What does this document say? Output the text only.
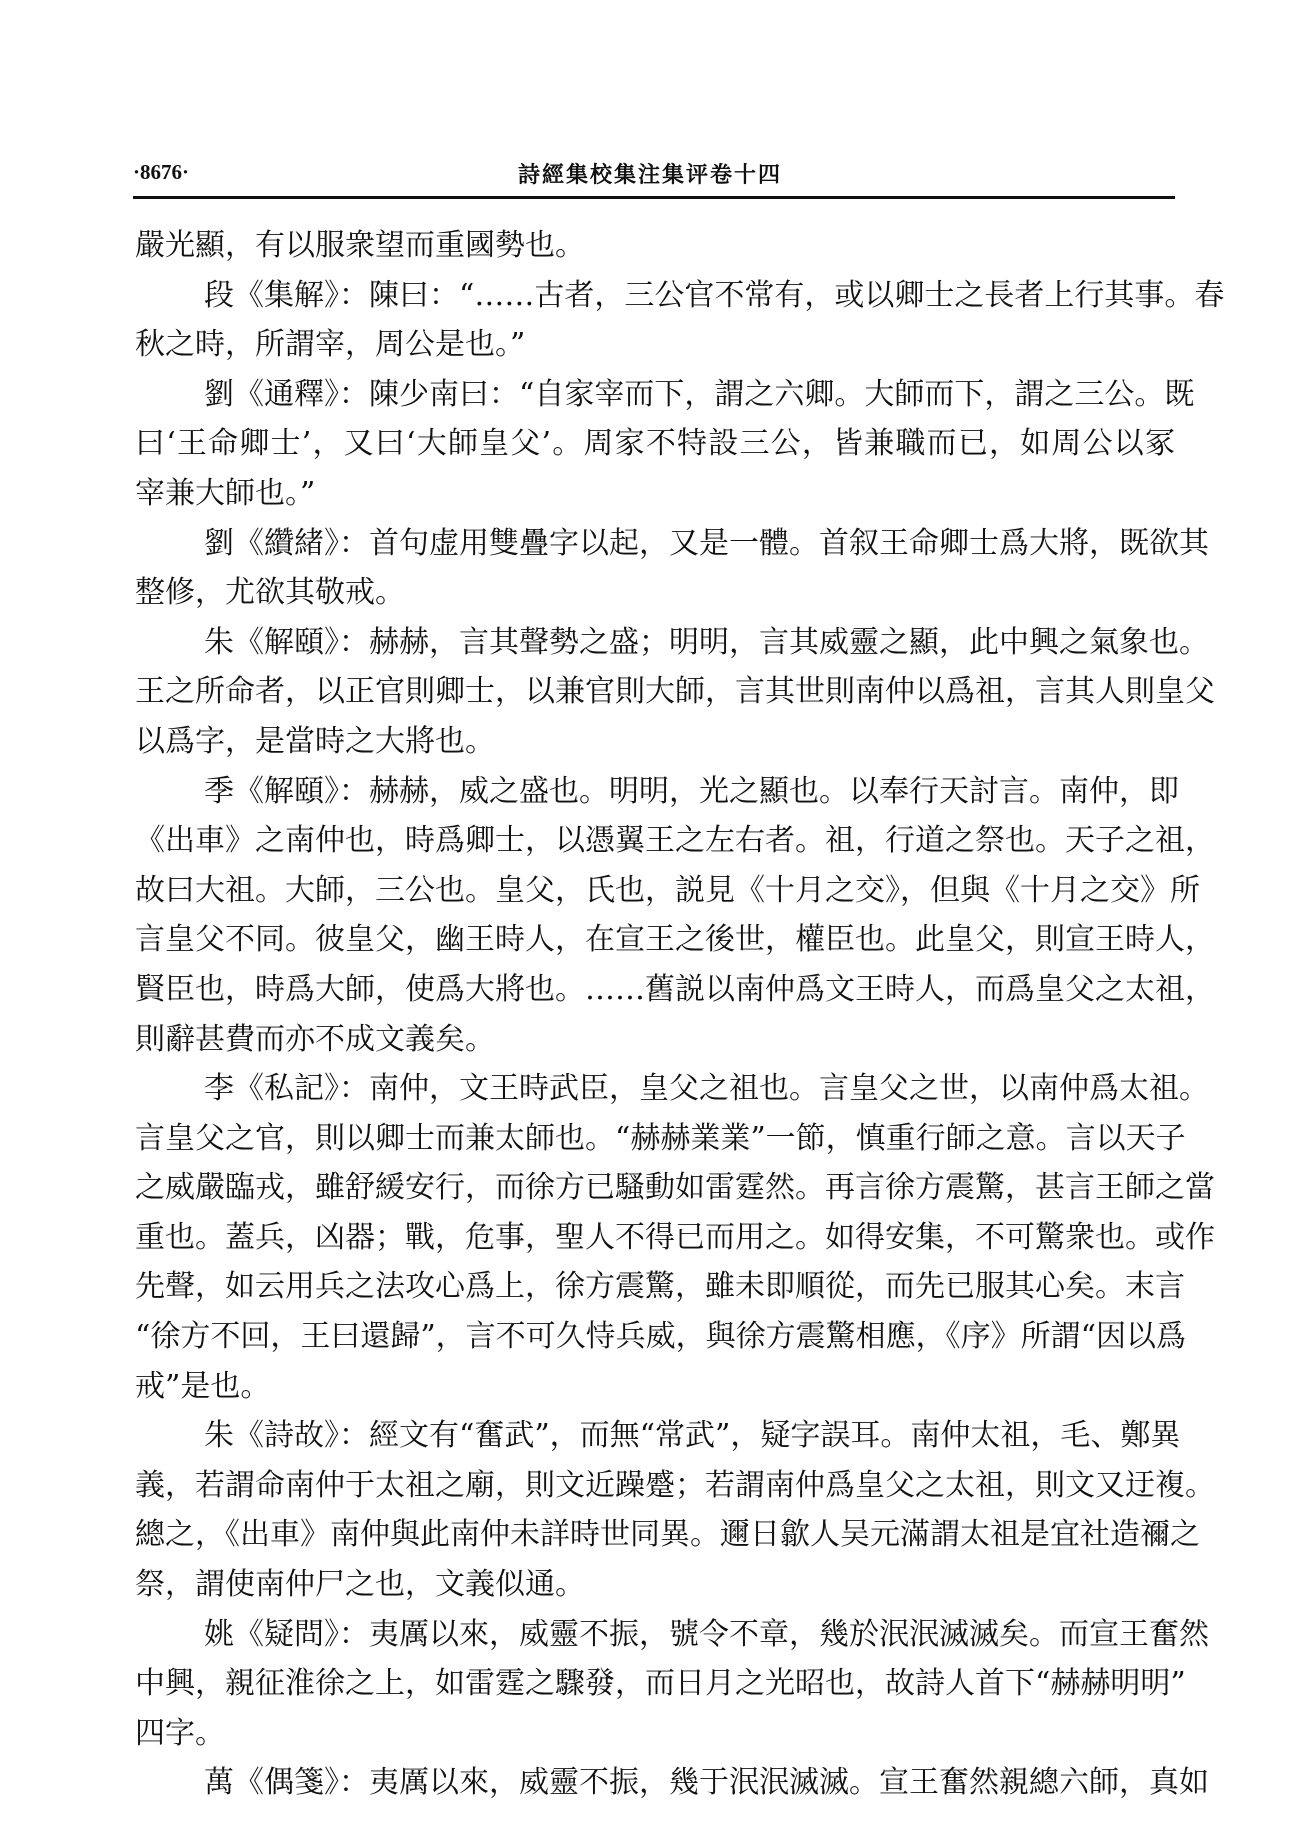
·8676·	詩經集校集注集评卷十四
嚴光顯，有以服衆望而重國勢也。
段《集解》：陳曰：“……古者，三公官不常有，或以卿士之長者上行其事。春
秋之時，所謂宰，周公是也。”
劉《通釋》：陳少南曰：“自家宰而下，謂之六卿。大師而下，謂之三公。既
曰‘王命卿士’，又曰‘大師皇父’。周家不特設三公，皆兼職而已，如周公以冢
宰兼大師也。”
劉《纘緒》：首句虚用雙疊字以起，又是一體。首叙王命卿士爲大將，既欲其
整修，尤欲其敬戒。
朱《解頤》：赫赫，言其聲勢之盛；明明，言其威靈之顯，此中興之氣象也。
王之所命者，以正官則卿士，以兼官則大師，言其世則南仲以爲祖，言其人則皇父
以爲字，是當時之大將也。
季《解頤》：赫赫，威之盛也。明明，光之顯也。以奉行天討言。南仲，即
《出車》之南仲也，時爲卿士，以憑翼王之左右者。祖，行道之祭也。天子之祖，
故曰大祖。大師，三公也。皇父，氏也，説見《十月之交》，但與《十月之交》所
言皇父不同。彼皇父，幽王時人，在宣王之後世，權臣也。此皇父，則宣王時人，
賢臣也，時爲大師，使爲大將也。……舊説以南仲爲文王時人，而爲皇父之太祖，
則辭甚費而亦不成文義矣。
李《私記》：南仲，文王時武臣，皇父之祖也。言皇父之世，以南仲爲太祖。
言皇父之官，則以卿士而兼太師也。“赫赫業業”一節，慎重行師之意。言以天子
之威嚴臨戎，雖舒緩安行，而徐方已騷動如雷霆然。再言徐方震驚，甚言王師之當
重也。蓋兵，凶器；戰，危事，聖人不得已而用之。如得安集，不可驚衆也。或作
先聲，如云用兵之法攻心爲上，徐方震驚，雖未即順從，而先已服其心矣。末言
“徐方不回，王曰還歸”，言不可久恃兵威，與徐方震驚相應，《序》所謂“因以爲
戒”是也。
朱《詩故》：經文有“奮武”，而無“常武”，疑字誤耳。南仲太祖，毛、鄭異
義，若謂命南仲于太祖之廟，則文近躁蹙；若謂南仲爲皇父之太祖，則文又迂複。
總之，《出車》南仲與此南仲未詳時世同異。邇日歙人吴元滿謂太祖是宜社造禰之
祭，謂使南仲尸之也，文義似通。
姚《疑問》：夷厲以來，威靈不振，號令不章，幾於泯泯滅滅矣。而宣王奮然
中興，親征淮徐之上，如雷霆之驟發，而日月之光昭也，故詩人首下“赫赫明明”
四字。
萬《偶箋》：夷厲以來，威靈不振，幾于泯泯滅滅。宣王奮然親總六師，真如
